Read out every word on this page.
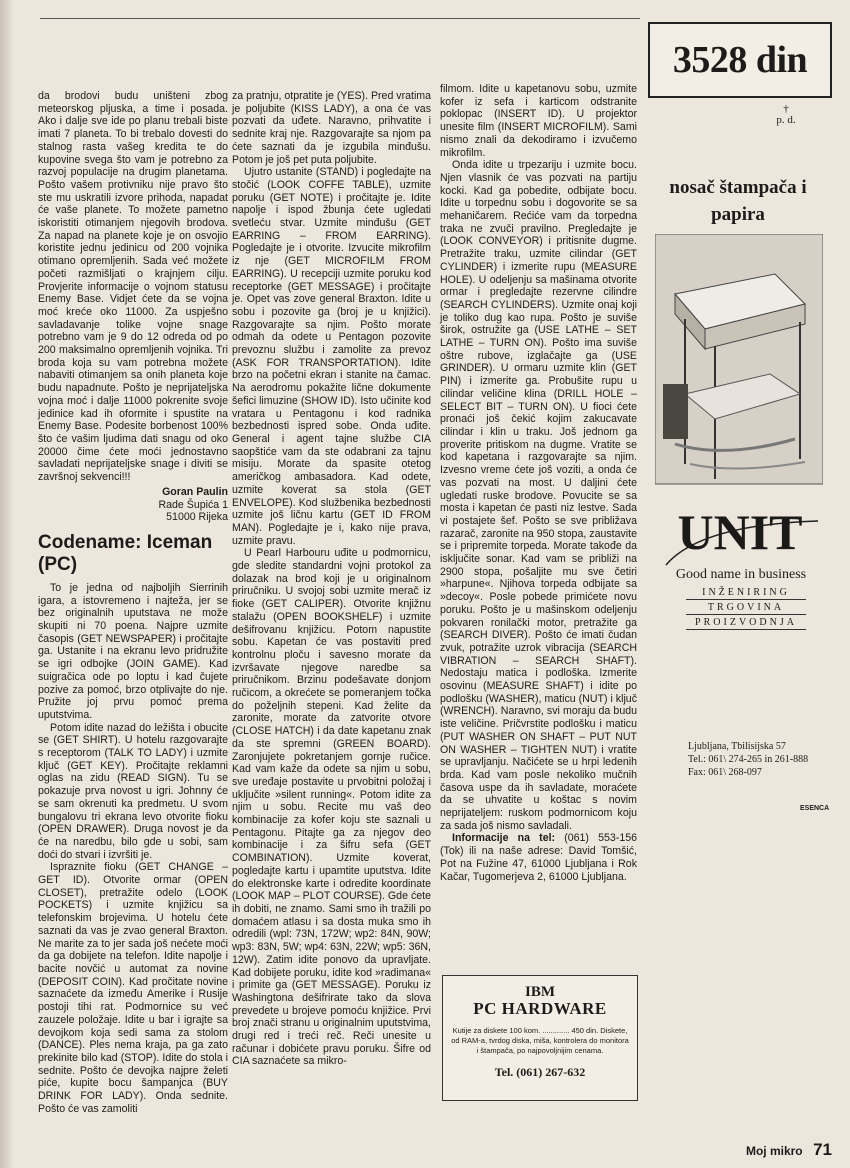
da brodovi budu uništeni zbog meteorskog pljuska, a time i posada. Ako i dalje sve ide po planu trebali biste imati 7 planeta. To bi trebalo dovesti do stalnog rasta vašeg kredita te do kupovine svega što vam je potrebno za razvoj populacije na drugim planetama. Pošto vašem protivniku nije pravo što ste mu uskratili izvore prihoda, napadat će vaše planete. To možete pametno iskoristiti otimanjem njegovih brodova. Za napad na planete koje je on osvojio koristite jednu jedinicu od 200 vojnika otimano opremljenih. Sada već možete početi razmišljati o krajnjem cilju. Provjerite informacije o vojnom statusu Enemy Base. Vidjet ćete da se vojna moć kreće oko 11000. Za uspješno savladavanje tolike vojne snage potrebno vam je 9 do 12 odreda od po 200 maksimalno opremljenih vojnika. Tri broda koja su vam potrebna možete nabaviti otimanjem sa onih planeta koje budu napadnute. Pošto je neprijateljska vojna moć i dalje 11000 pokrenite svoje jedinice kad ih oformite i spustite na Enemy Base. Podesite borbenost 100% što će vašim ljudima dati snagu od oko 20000 čime ćete moći jednostavno savladati neprijateljske snage i diviti se završnoj sekvenci!!!

Goran Paulin

Rade Šupića 1

51000 Rijeka

Codename: Iceman
(PC)

To je jedna od najboljih Sierrinih igara, a istovremeno i najteža, jer se bez originalnih uputstava ne može skupiti ni 70 poena. Najpre uzmite časopis (GET NEWSPAPER) i pročitajte ga. Ustanite i na ekranu levo pridružite se igri odbojke (JOIN GAME). Kad suigračica ode po loptu i kad čujete pozive za pomoć, brzo otplivajte do nje. Pružite joj prvu pomoć prema uputstvima.

Potom idite nazad do ležišta i obucite se (GET SHIRT). U hotelu razgovarajte s receptorom (TALK TO LADY) i uzmite ključ (GET KEY). Pročitajte reklamni oglas na zidu (READ SIGN). Tu se pokazuje prva novost u igri. Johnny će se sam okrenuti ka predmetu. U svom bungalovu tri ekrana levo otvorite fioku (OPEN DRAWER). Druga novost je da će na naredbu, bilo gde u sobi, sam doći do stvari i izvršiti je.

Ispraznite fioku (GET CHANGE – GET ID). Otvorite ormar (OPEN CLOSET), pretražite odelo (LOOK POCKETS) i uzmite knjižicu sa telefonskim brojevima. U hotelu ćete saznati da vas je zvao general Braxton. Ne marite za to jer sada još nećete moći da ga dobijete na telefon. Idite napolje i bacite novčić u automat za novine (DEPOSIT COIN). Kad pročitate novine saznaćete da između Amerike i Rusije postoji tihi rat. Podmornice su već zauzele položaje. Idite u bar i igrajte sa devojkom koja sedi sama za stolom (DANCE). Ples nema kraja, pa ga zato prekinite bilo kad (STOP). Idite do stola i sednite. Pošto će devojka najpre želeti piće, kupite bocu šampanjca (BUY DRINK FOR LADY). Onda sednite. Pošto će vas zamoliti

za pratnju, otpratite je (YES). Pred vratima je poljubite (KISS LADY), a ona će vas pozvati da uđete. Naravno, prihvatite i sednite kraj nje. Razgovarajte sa njom pa ćete saznati da je izgubila minđušu. Potom je još pet puta poljubite.

Ujutro ustanite (STAND) i pogledajte na stočić (LOOK COFFE TABLE), uzmite poruku (GET NOTE) i pročitajte je. Idite napolje i ispod žbunja ćete ugledati svetleću stvar. Uzmite minđušu (GET EARRING – FROM EARRING). Pogledajte je i otvorite. Izvucite mikrofilm iz nje (GET MICROFILM FROM EARRING). U recepciji uzmite poruku kod receptorke (GET MESSAGE) i pročitajte je. Opet vas zove general Braxton. Idite u sobu i pozovite ga (broj je u knjižici). Razgovarajte sa njim. Pošto morate odmah da odete u Pentagon pozovite prevoznu službu i zamolite za prevoz (ASK FOR TRANSPORTATION). Idite brzo na početni ekran i stanite na čamac. Na aerodromu pokažite lične dokumente šefici limuzine (SHOW ID). Isto učinite kod vratara u Pentagonu i kod radnika bezbednosti ispred sobe. Onda uđite. General i agent tajne službe CIA saopštiće vam da ste odabrani za tajnu misiju. Morate da spasite otetog američkog ambasadora. Kad odete, uzmite koverat sa stola (GET ENVELOPE). Kod službenika bezbednosti uzmite još ličnu kartu (GET ID FROM MAN). Pogledajte je i, kako nije prava, uzmite pravu.

U Pearl Harbouru uđite u podmornicu, gde sledite standardni vojni protokol za dolazak na brod koji je u originalnom priručniku. U svojoj sobi uzmite merač iz fioke (GET CALIPER). Otvorite knjižnu stalažu (OPEN BOOKSHELF) i uzmite dešifrovanu knjižicu. Potom napustite sobu. Kapetan će vas postaviti pred kontrolnu ploču i savesno morate da izvršavate njegove naredbe sa priručnikom. Brzinu podešavate donjom ručicom, a okrećete se pomeranjem točka do poželjnih stepeni. Kad želite da zaronite, morate da zatvorite otvore (CLOSE HATCH) i da date kapetanu znak da ste spremni (GREEN BOARD). Zaronjujete pokretanjem gornje ručice. Kad vam kaže da odete sa njim u sobu, sve uređaje postavite u prvobitni položaj i uključite »silent running«. Potom idite za njim u sobu. Recite mu vaš deo kombinacije za kofer koju ste saznali u Pentagonu. Pitajte ga za njegov deo kombinacije i za šifru sefa (GET COMBINATION). Uzmite koverat, pogledajte kartu i upamtite uputstva. Idite do elektronske karte i odredite koordinate (LOOK MAP – PLOT COURSE). Gde ćete ih dobiti, ne znamo. Sami smo ih tražili po domaćem atlasu i sa dosta muka smo ih odredili (wpl: 73N, 172W; wp2: 84N, 90W; wp3: 83N, 5W; wp4: 63N, 22W; wp5: 36N, 12W). Zatim idite ponovo da upravljate. Kad dobijete poruku, idite kod »radimana« i primite ga (GET MESSAGE). Poruku iz Washingtona dešifrirate tako da slova prevedete u brojeve pomoću knjižice. Prvi broj znači stranu u originalnim uputstvima, drugi red i treći reč. Reči unesite u računar i dobićete pravu poruku. Šifre od CIA saznaćete sa mikro-

filmom. Idite u kapetanovu sobu, uzmite kofer iz sefa i karticom odstranite poklopac (INSERT ID). U projektor unesite film (INSERT MICROFILM). Sami nismo znali da dekodiramo i izvučemo mikrofilm.

Onda idite u trpezariju i uzmite bocu. Njen vlasnik će vas pozvati na partiju kocki. Kad ga pobedite, odbijate bocu. Idite u torpednu sobu i dogovorite se sa mehaničarem. Rećiće vam da torpedna traka ne zvuči pravilno. Pregledajte je (LOOK CONVEYOR) i pritisnite dugme. Pretražite traku, uzmite cilindar (GET CYLINDER) i izmerite rupu (MEASURE HOLE). U odeljenju sa mašinama otvorite ormar i pregledajte rezervne cilindre (SEARCH CYLINDERS). Uzmite onaj koji je toliko dug kao rupa. Pošto je suviše širok, ostružite ga (USE LATHE – SET LATHE – TURN ON). Pošto ima suviše oštre rubove, izglačajte ga (USE GRINDER). U ormaru uzmite klin (GET PIN) i izmerite ga. Probušite rupu u cilindar veličine klina (DRILL HOLE – SELECT BIT – TURN ON). U fioci ćete pronaći još čekić kojim zakucavate cilindar i klin u traku. Još jednom ga proverite pritiskom na dugme. Vratite se kod kapetana i razgovarajte sa njim. Izvesno vreme ćete još voziti, a onda će vas pozvati na most. U daljini ćete ugledati ruske brodove. Povucite se sa mosta i kapetan će pasti niz lestve. Sada vi postajete šef. Pošto se sve približava razarač, zaronite na 950 stopa, zaustavite se i pripremite torpeda. Morate takođe da isključite sonar. Kad vam se približi na 2900 stopa, pošaljite mu sve četiri »harpune«. Njihova torpeda odbijate sa »decoy«. Posle pobede primićete novu poruku. Pošto je u mašinskom odeljenju pokvaren ronilački motor, pretražite ga (SEARCH DIVER). Pošto će imati čudan zvuk, potražite uzrok vibracija (SEARCH VIBRATION – SEARCH SHAFT). Nedostaju matica i podloška. Izmerite osovinu (MEASURE SHAFT) i idite po podlošku (WASHER), maticu (NUT) i ključ (WRENCH). Naravno, svi moraju da budu iste veličine. Pričvrstite podlošku i maticu (PUT WASHER ON SHAFT – PUT NUT ON WASHER – TIGHTEN NUT) i vratite se upravljanju. Načićete se u hrpi ledenih brda. Kad vam posle nekoliko mučnih časova uspe da ih savladate, moraćete da se uhvatite u koštac s novim neprijateljem: ruskom podmornicom koju za sada još nismo savladali.

Informacije na tel: (061) 553-156 (Tok) ili na naše adrese: David Tomšić, Pot na Fužine 47, 61000 Ljubljana i Rok Kačar, Tugomerjeva 2, 61000 Ljubljana.

IBM
PC HARDWARE
Kutije za diskete 100 kom. ............. 450 din. Diskete, od RAM-a, tvrdog diska, miša, kontrolera do monitora i štampača, po najpovoljnijim cenama.
Tel. (061) 267-632
3528 din
†
p. d.
nosač štampača i
papira
UNIT
Good name in business
INŽENIRING
TRGOVINA
PROIZVODNJA
Ljubljana, Tbilisijska 57
Tel.: 061\ 274-265 in 261-888
Fax: 061\ 268-097
ESENCA
Moj mikro 71
